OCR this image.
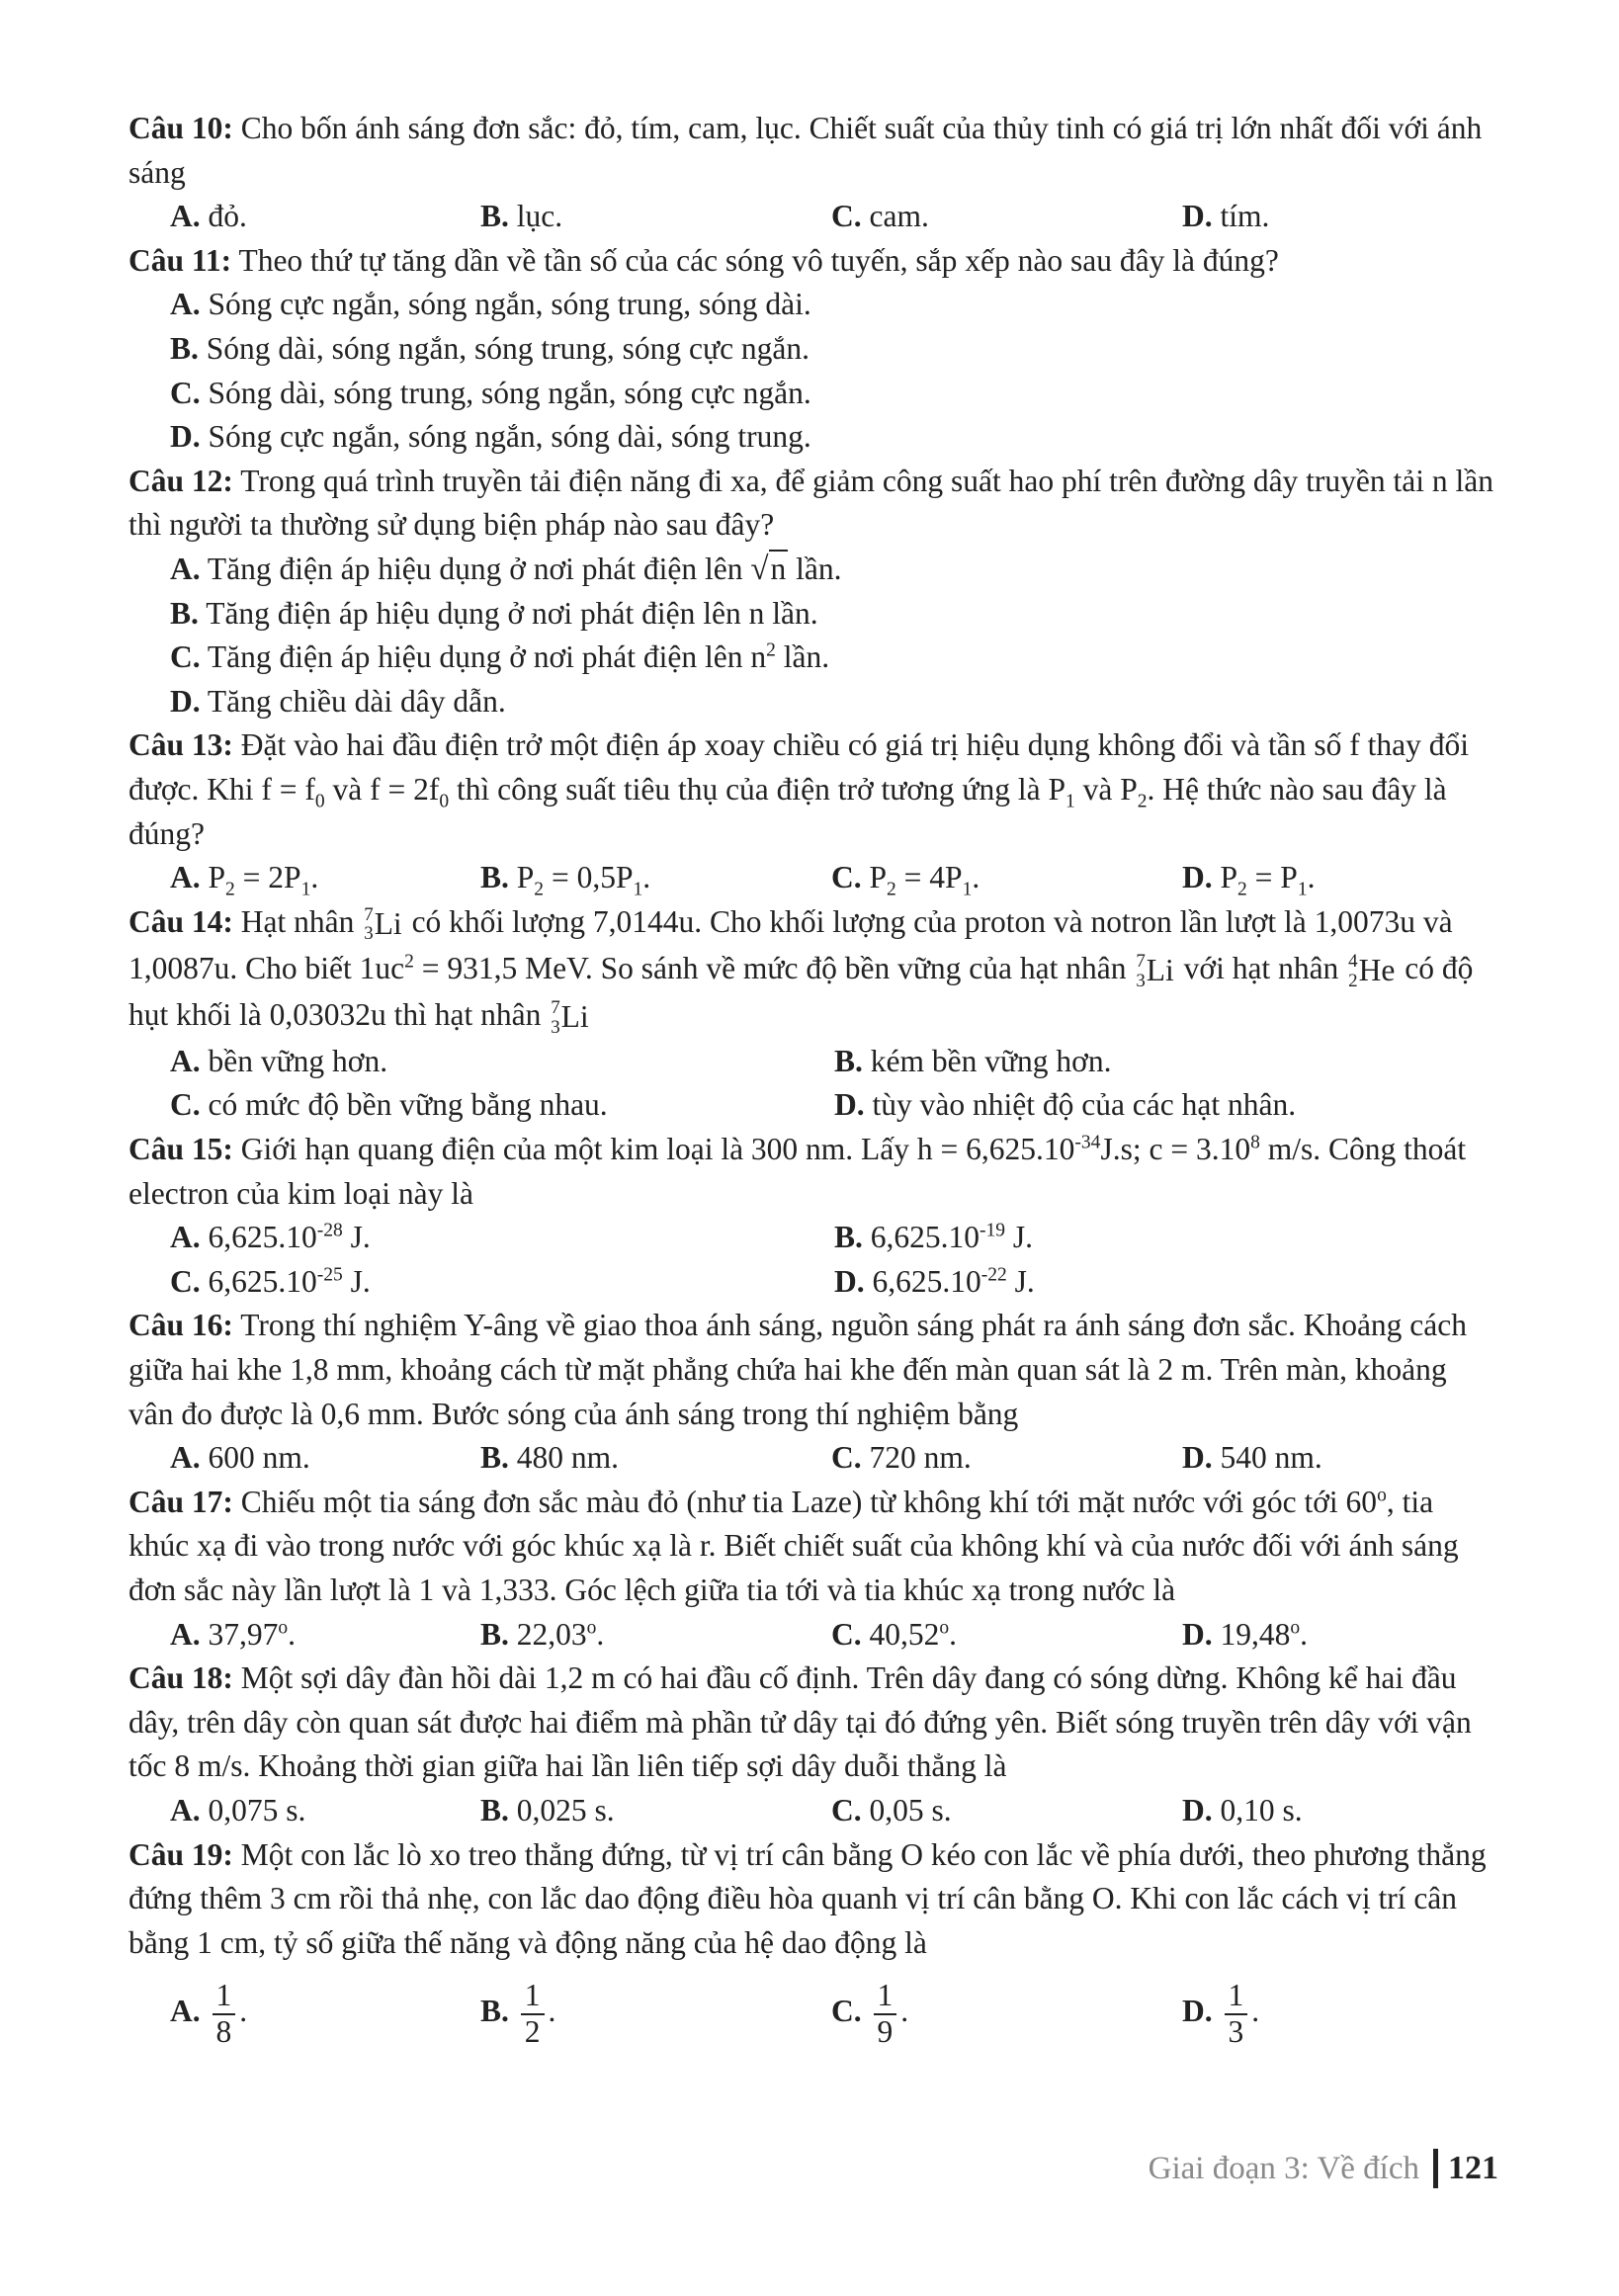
Câu 10: Cho bốn ánh sáng đơn sắc: đỏ, tím, cam, lục. Chiết suất của thủy tinh có giá trị lớn nhất đối với ánh sáng

A. đỏ.	B. lục.	C. cam.	D. tím.

Câu 11: Theo thứ tự tăng dần về tần số của các sóng vô tuyến, sắp xếp nào sau đây là đúng?

A. Sóng cực ngắn, sóng ngắn, sóng trung, sóng dài.
B. Sóng dài, sóng ngắn, sóng trung, sóng cực ngắn.
C. Sóng dài, sóng trung, sóng ngắn, sóng cực ngắn.
D. Sóng cực ngắn, sóng ngắn, sóng dài, sóng trung.

Câu 12: Trong quá trình truyền tải điện năng đi xa, để giảm công suất hao phí trên đường dây truyền tải n lần thì người ta thường sử dụng biện pháp nào sau đây?

A. Tăng điện áp hiệu dụng ở nơi phát điện lên √n lần.
B. Tăng điện áp hiệu dụng ở nơi phát điện lên n lần.
C. Tăng điện áp hiệu dụng ở nơi phát điện lên $n^2$ lần.
D. Tăng chiều dài dây dẫn.

Câu 13: Đặt vào hai đầu điện trở một điện áp xoay chiều có giá trị hiệu dụng không đổi và tần số f thay đổi được. Khi $f = f_0$ và $f = 2f_0$ thì công suất tiêu thụ của điện trở tương ứng là $P_1$ và $P_2$. Hệ thức nào sau đây là đúng?

A. $P_2 = 2P_1$.	B. $P_2 = 0,5P_1$.	C. $P_2 = 4P_1$.	D. $P_2 = P_1$.

Câu 14: Hạt nhân 7
3 Li có khối lượng 7,0144u. Cho khối lượng của proton và notron lần lượt là 1,0073u và 1,0087u. Cho biết $1uc^2 = 931,5$ MeV. So sánh về mức độ bền vững của hạt nhân 7
3 Li với hạt nhân 4
2 He có độ hụt khối là 0,03032u thì hạt nhân 7
3 Li

A. bền vững hơn.	B. kém bền vững hơn.
C. có mức độ bền vững bằng nhau.	D. tùy vào nhiệt độ của các hạt nhân.

Câu 15: Giới hạn quang điện của một kim loại là 300 nm. Lấy $h = 6,625.10^{-34}J.s$; $c = 3.10^8$ m/s. Công thoát electron của kim loại này là

A. $6,625.10^{-28}$ J.	B. $6,625.10^{-19}$ J.
C. $6,625.10^{-25}$ J.	D. $6,625.10^{-22}$ J.

Câu 16: Trong thí nghiệm Y-âng về giao thoa ánh sáng, nguồn sáng phát ra ánh sáng đơn sắc. Khoảng cách giữa hai khe 1,8 mm, khoảng cách từ mặt phẳng chứa hai khe đến màn quan sát là 2 m. Trên màn, khoảng vân đo được là 0,6 mm. Bước sóng của ánh sáng trong thí nghiệm bằng

A. 600 nm.	B. 480 nm.	C. 720 nm.	D. 540 nm.

Câu 17: Chiếu một tia sáng đơn sắc màu đỏ (như tia Laze) từ không khí tới mặt nước với góc tới 60$^o$, tia khúc xạ đi vào trong nước với góc khúc xạ là r. Biết chiết suất của không khí và của nước đối với ánh sáng đơn sắc này lần lượt là 1 và 1,333. Góc lệch giữa tia tới và tia khúc xạ trong nước là

A. 37,97$^o$.	B. 22,03$^o$.	C. 40,52$^o$.	D. 19,48$^o$.

Câu 18: Một sợi dây đàn hồi dài 1,2 m có hai đầu cố định. Trên dây đang có sóng dừng. Không kể hai đầu dây, trên dây còn quan sát được hai điểm mà phần tử dây tại đó đứng yên. Biết sóng truyền trên dây với vận tốc 8 m/s. Khoảng thời gian giữa hai lần liên tiếp sợi dây duỗi thẳng là

A. 0,075 s.	B. 0,025 s.	C. 0,05 s.	D. 0,10 s.

Câu 19: Một con lắc lò xo treo thẳng đứng, từ vị trí cân bằng O kéo con lắc về phía dưới, theo phương thẳng đứng thêm 3 cm rồi thả nhẹ, con lắc dao động điều hòa quanh vị trí cân bằng O. Khi con lắc cách vị trí cân bằng 1 cm, tỷ số giữa thế năng và động năng của hệ dao động là

A. $\frac{1}{8}$ .	B. $\frac{1}{2}$ .	C. $\frac{1}{9}$ .	D. $\frac{1}{3}$ .
Giai đoạn 3: Về đích 121
